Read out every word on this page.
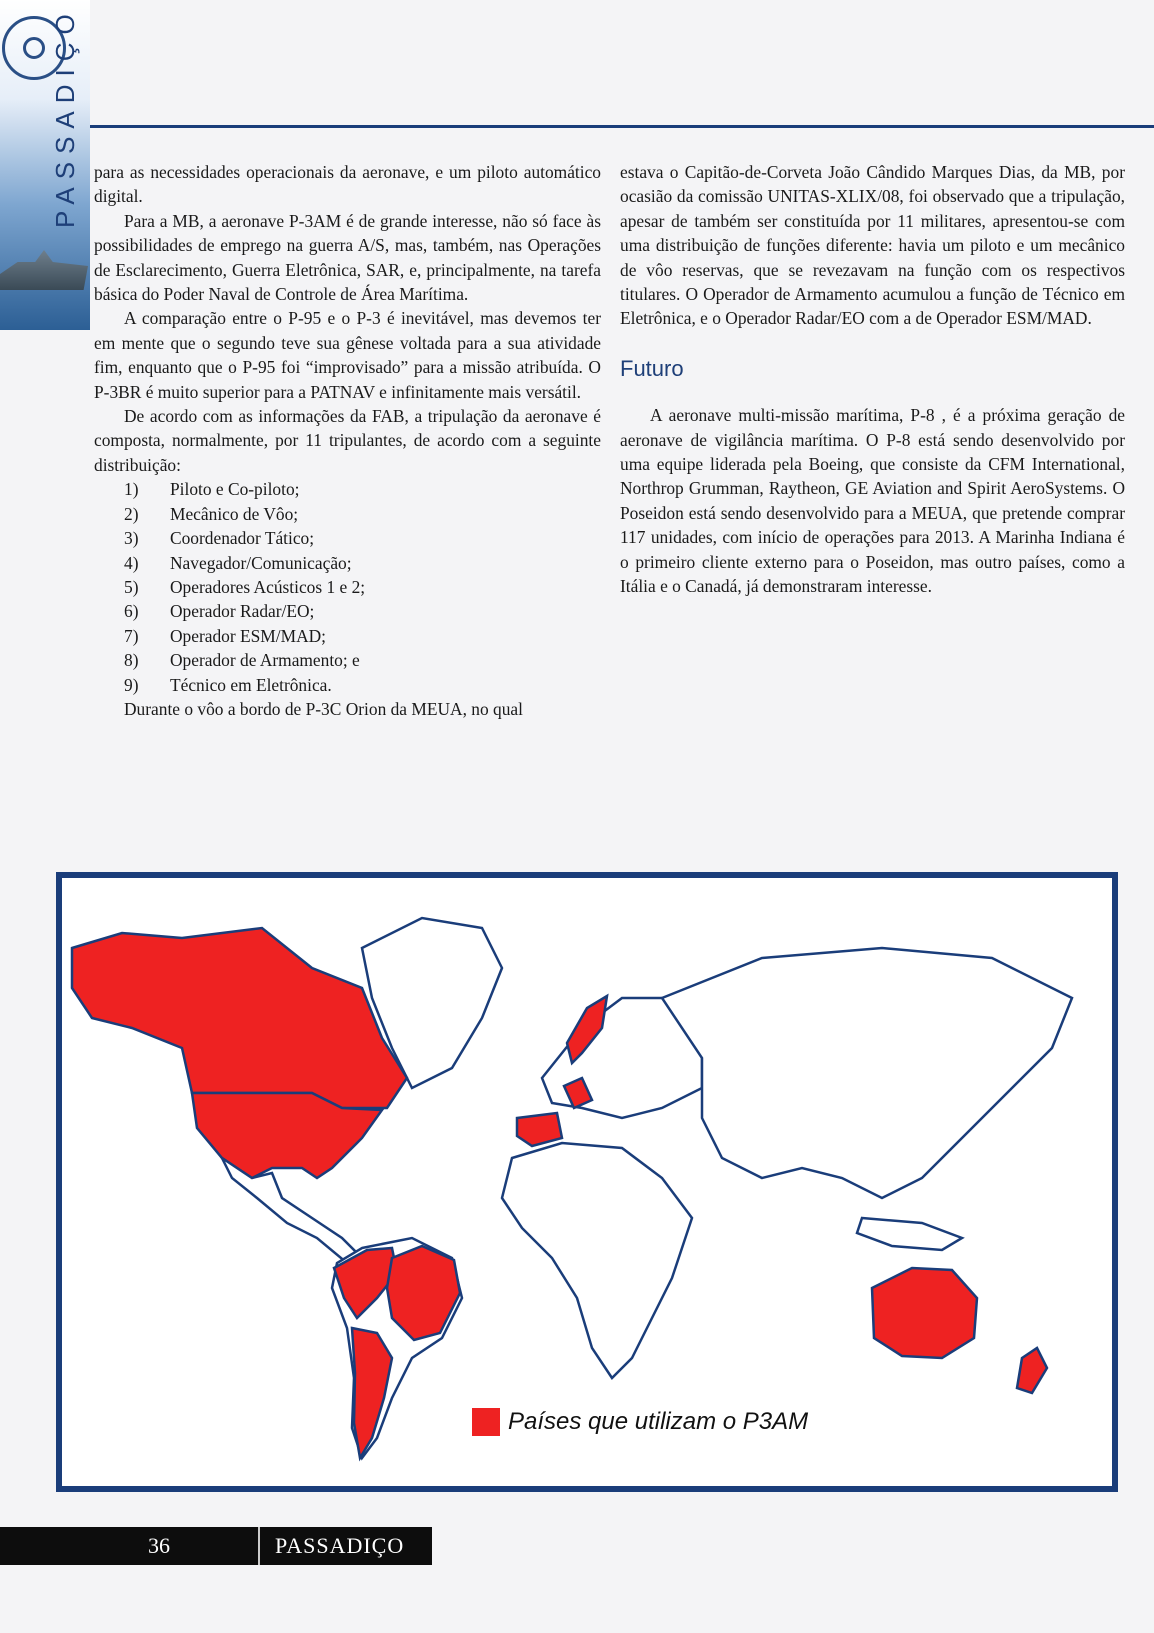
PASSADIÇO para as necessidades operacionais da aeronave, e um piloto automático digital.

Para a MB, a aeronave P-3AM é de grande interesse, não só face às possibilidades de emprego na guerra A/S, mas, também, nas Operações de Esclarecimento, Guerra Eletrônica, SAR, e, principalmente, na tarefa básica do Poder Naval de Controle de Área Marítima.

A comparação entre o P-95 e o P-3 é inevitável, mas devemos ter em mente que o segundo teve sua gênese voltada para a sua atividade fim, enquanto que o P-95 foi “improvisado” para a missão atribuída. O P-3BR é muito superior para a PATNAV e infinitamente mais versátil.

De acordo com as informações da FAB, a tripulação da aeronave é composta, normalmente, por 11 tripulantes, de acordo com a seguinte distribuição:

1)	Piloto e Co-piloto;
2)	Mecânico de Vôo;
3)	Coordenador Tático;
4)	Navegador/Comunicação;
5)	Operadores Acústicos 1 e 2;
6)	Operador Radar/EO;
7)	Operador ESM/MAD;
8)	Operador de Armamento; e
9)	Técnico em Eletrônica.

Durante o vôo a bordo de P-3C Orion da MEUA, no qual

estava o Capitão-de-Corveta João Cândido Marques Dias, da MB, por ocasião da comissão UNITAS-XLIX/08, foi observado que a tripulação, apesar de também ser constituída por 11 militares, apresentou-se com uma distribuição de funções diferente: havia um piloto e um mecânico de vôo reservas, que se revezavam na função com os respectivos titulares. O Operador de Armamento acumulou a função de Técnico em Eletrônica, e o Operador Radar/EO com a de Operador ESM/MAD.

Futuro

A aeronave multi-missão marítima, P-8 , é a próxima geração de aeronave de vigilância marítima. O P-8 está sendo desenvolvido por uma equipe liderada pela Boeing, que consiste da CFM International, Northrop Grumman, Raytheon, GE Aviation and Spirit AeroSystems. O Poseidon está sendo desenvolvido para a MEUA, que pretende comprar 117 unidades, com início de operações para 2013. A Marinha Indiana é o primeiro cliente externo para o Poseidon, mas outro países, como a Itália e o Canadá, já demonstraram interesse.

Países que utilizam o P3AM
36	PASSADIÇO
